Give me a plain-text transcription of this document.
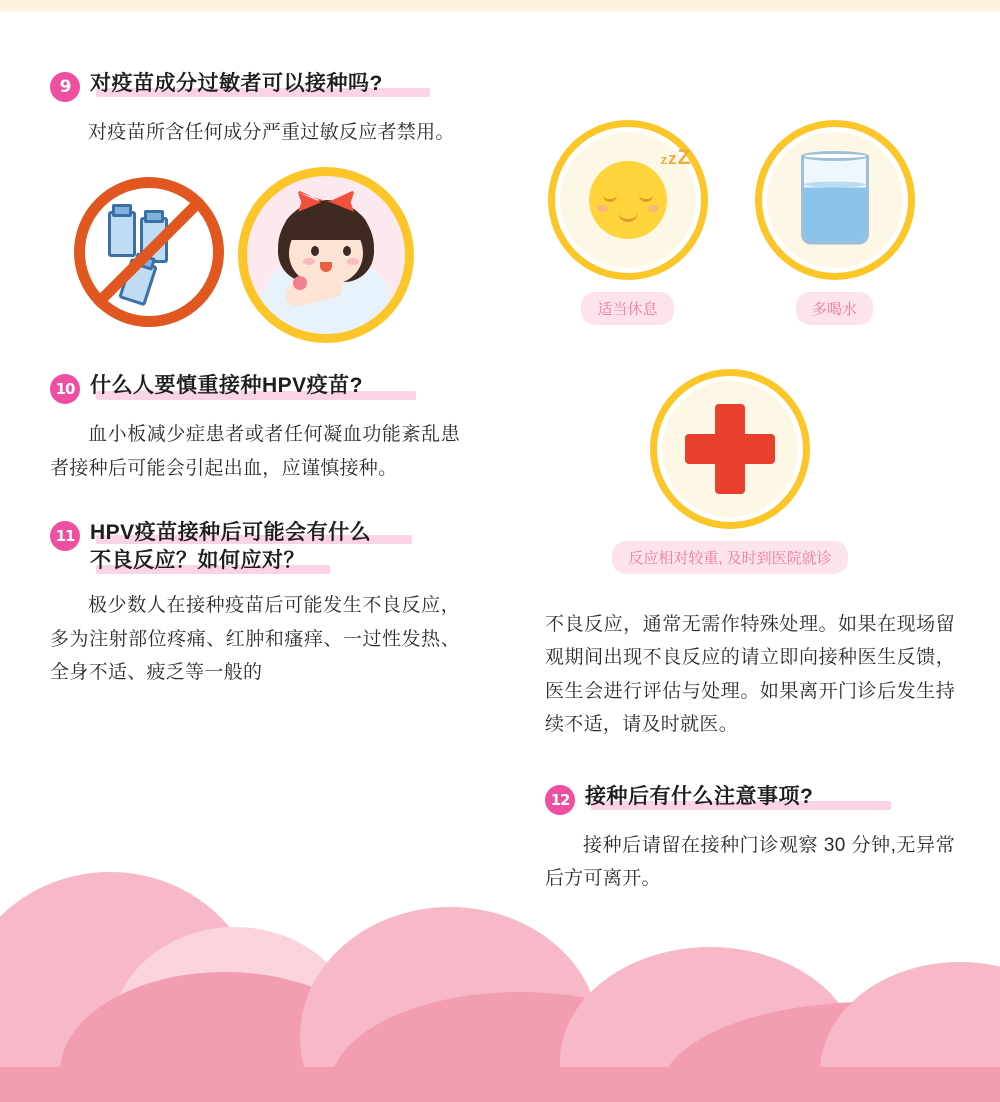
9 对疫苗成分过敏者可以接种吗?
对疫苗所含任何成分严重过敏反应者禁用。
10 什么人要慎重接种HPV疫苗?
血小板减少症患者或者任何凝血功能紊乱患者接种后可能会引起出血，应谨慎接种。
11 HPV疫苗接种后可能会有什么
不良反应？如何应对？
极少数人在接种疫苗后可能发生不良反应，多为注射部位疼痛、红肿和瘙痒、一过性发热、全身不适、疲乏等一般的
zzZ
适当休息	多喝水
反应相对较重, 及时到医院就诊
不良反应，通常无需作特殊处理。如果在现场留观期间出现不良反应的请立即向接种医生反馈，医生会进行评估与处理。如果离开门诊后发生持续不适，请及时就医。
12 接种后有什么注意事项?
接种后请留在接种门诊观察 30 分钟,无异常后方可离开。
